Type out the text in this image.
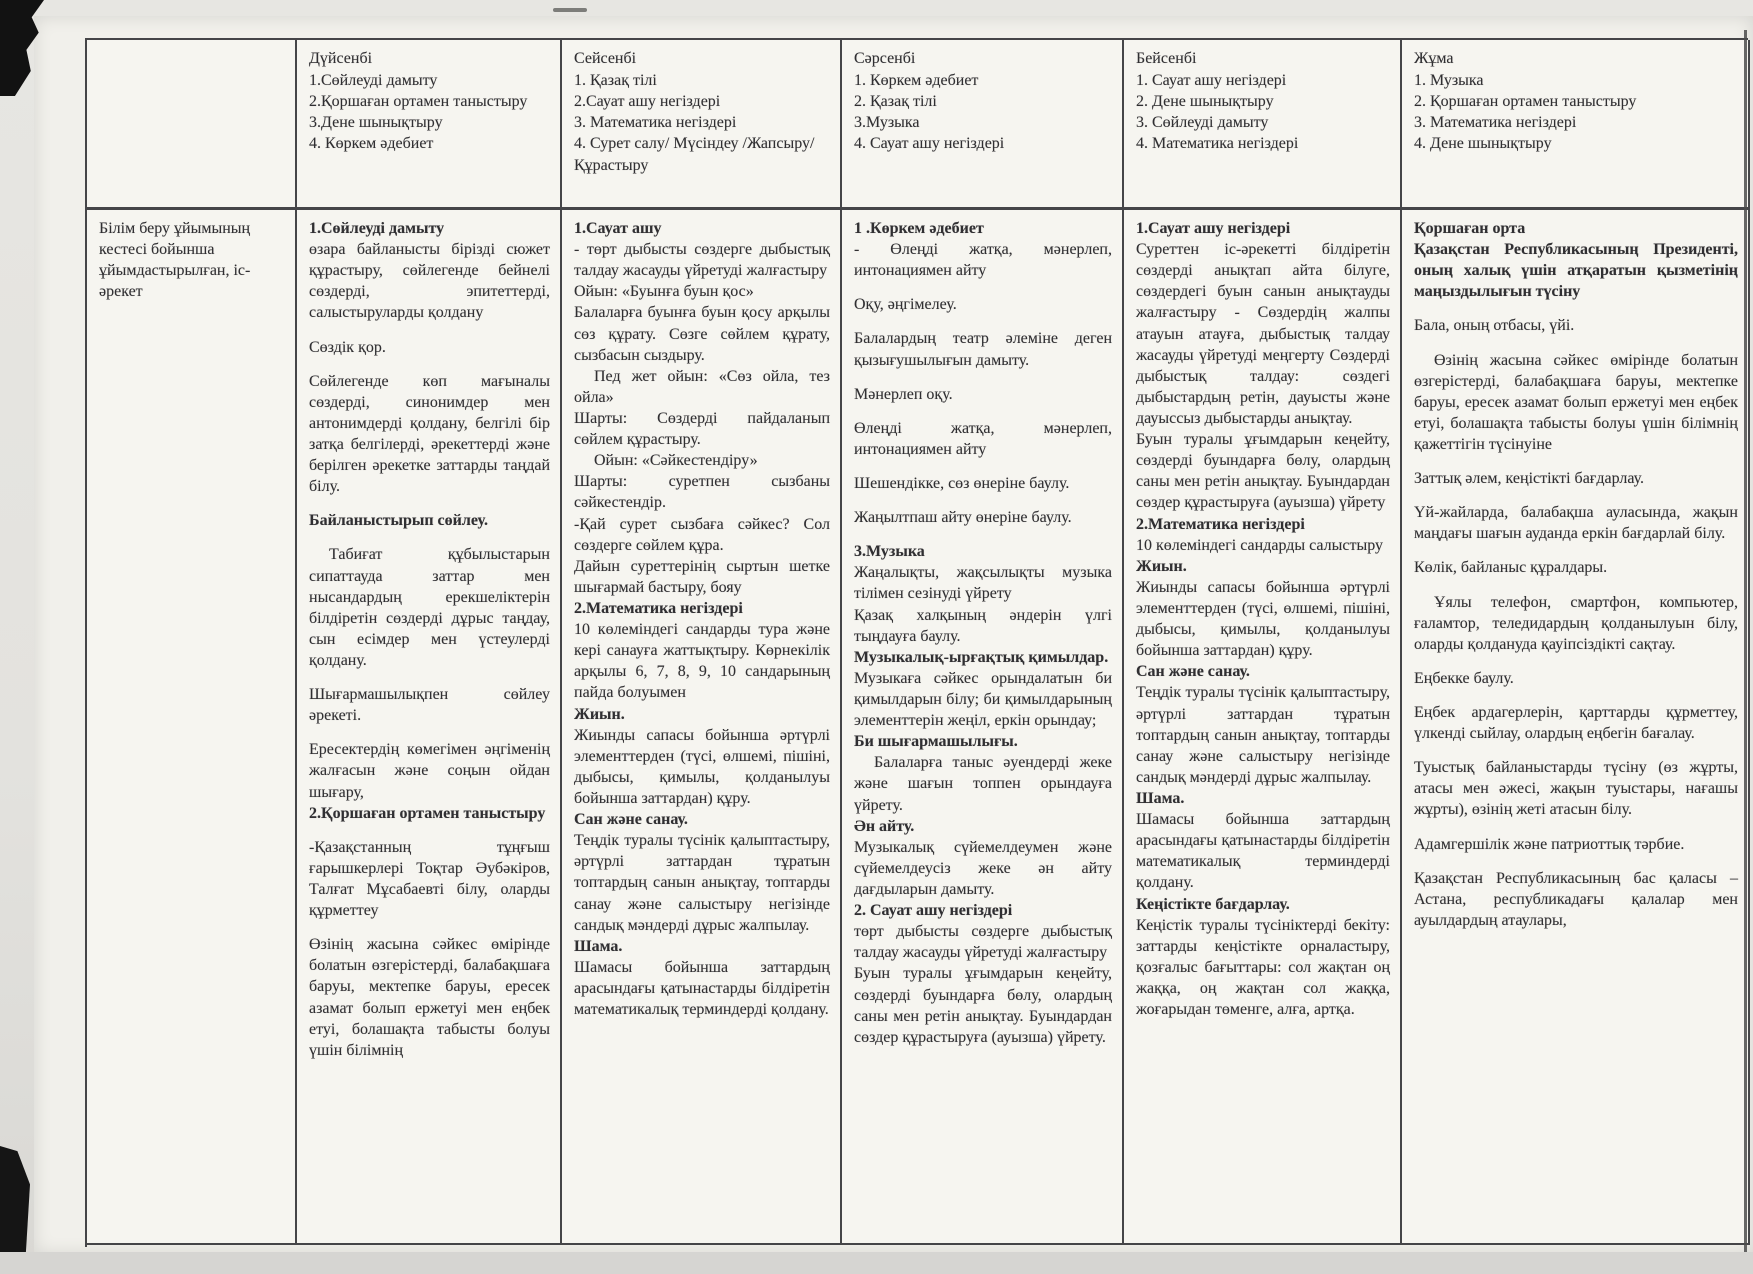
Дүйсенбі
1.Сөйлеуді дамыту
2.Қоршаған ортамен таныстыру
3.Дене шынықтыру
4. Көркем әдебиет
Сейсенбі
1. Қазақ тілі
2.Сауат ашу негіздері
3. Математика негіздері
4. Сурет салу/ Мүсіндеу /Жапсыру/Құрастыру
Сәрсенбі
1. Көркем әдебиет
2. Қазақ тілі
3.Музыка
4. Сауат ашу негіздері
Бейсенбі
1. Сауат ашу негіздері
2. Дене шынықтыру
3. Сөйлеуді дамыту
4. Математика негіздері
Жұма
1. Музыка
2. Қоршаған ортамен таныстыру
3. Математика негіздері
4. Дене шынықтыру
Білім беру ұйымының кестесі бойынша ұйымдастырылған, іс-әрекет
1.Сөйлеуді дамыту
өзара байланысты бірізді сюжет құрастыру, сөйлегенде бейнелі сөздерді, эпитеттерді, салыстыруларды қолдану
Сөздік қор.
Сөйлегенде көп мағыналы сөздерді, синонимдер мен антонимдерді қолдану, белгілі бір затқа белгілерді, әрекеттерді және берілген әрекетке заттарды таңдай білу.
Байланыстырып сөйлеу.
Табиғат құбылыстарын сипаттауда заттар мен нысандардың ерекшеліктерін білдіретін сөздерді дұрыс таңдау, сын есімдер мен үстеулерді қолдану.
Шығармашылықпен сөйлеу әрекеті.
Ересектердің көмегімен әңгіменің жалғасын және соңын ойдан шығару,
2.Қоршаған ортамен таныстыру
-Қазақстанның тұңғыш ғарышкерлері Тоқтар Әубәкіров, Талғат Мұсабаевті білу, оларды құрметтеу
Өзінің жасына сәйкес өмірінде болатын өзгерістерді, балабақшаға баруы, мектепке баруы, ересек азамат болып ержетуі мен еңбек етуі, болашақта табысты болуы үшін білімнің
1.Сауат ашу
- төрт дыбысты сөздерге дыбыстық талдау жасауды үйретуді жалғастыру
Ойын: «Буынға буын қос»
Балаларға буынға буын қосу арқылы сөз құрату. Сөзге сөйлем құрату, сызбасын сыздыру.
Пед жет ойын: «Сөз ойла, тез ойла»
Шарты: Сөздерді пайдаланып сөйлем құрастыру.
Ойын: «Сәйкестендіру»
Шарты: суретпен сызбаны сәйкестендір.
-Қай сурет сызбаға сәйкес? Сол сөздерге сөйлем құра.
Дайын суреттерінің сыртын шетке шығармай бастыру, бояу
2.Математика негіздері
10 көлеміндегі сандарды тура және кері санауға жаттықтыру. Көрнекілік арқылы 6, 7, 8, 9, 10 сандарының пайда болуымен
Жиын.
Жиынды сапасы бойынша әртүрлі элементтерден (түсі, өлшемі, пішіні, дыбысы, қимылы, қолданылуы бойынша заттардан) құру.
Сан және санау.
Теңдік туралы түсінік қалыптастыру, әртүрлі заттардан тұратын топтардың санын анықтау, топтарды санау және салыстыру негізінде сандық мәндерді дұрыс жалпылау.
Шама.
Шамасы бойынша заттардың арасындағы қатынастарды білдіретін математикалық терминдерді қолдану.
1 .Көркем әдебиет
- Өлеңді жатқа, мәнерлеп, интонациямен айту
Оқу, әңгімелеу.
Балалардың театр әлеміне деген қызығушылығын дамыту.
Мәнерлеп оқу.
Өлеңді жатқа, мәнерлеп, интонациямен айту
Шешендікке, сөз өнеріне баулу.
Жаңылтпаш айту өнеріне баулу.
3.Музыка
Жаңалықты, жақсылықты музыка тілімен сезінуді үйрету
Қазақ халқының әндерін үлгі тыңдауға баулу.
Музыкалық-ырғақтық қимылдар.
Музыкаға сәйкес орындалатын би қимылдарын білу; би қимылдарының элементтерін жеңіл, еркін орындау;
Би шығармашылығы.
Балаларға таныс әуендерді жеке және шағын топпен орындауға үйрету.
Ән айту.
Музыкалық сүйемелдеумен және сүйемелдеусіз жеке ән айту дағдыларын дамыту.
2. Сауат ашу негіздері
төрт дыбысты сөздерге дыбыстық талдау жасауды үйретуді жалғастыру
Буын туралы ұғымдарын кеңейту, сөздерді буындарға бөлу, олардың саны мен ретін анықтау. Буындардан сөздер құрастыруға (ауызша) үйрету.
1.Сауат ашу негіздері
Суреттен іс-әрекетті білдіретін сөздерді анықтап айта білуге, сөздердегі буын санын анықтауды жалғастыру - Сөздердің жалпы атауын атауға, дыбыстық талдау жасауды үйретуді меңгерту Сөздерді дыбыстық талдау: сөздегі дыбыстардың ретін, дауысты және дауыссыз дыбыстарды анықтау.
Буын туралы ұғымдарын кеңейту, сөздерді буындарға бөлу, олардың саны мен ретін анықтау. Буындардан сөздер құрастыруға (ауызша) үйрету
2.Математика негіздері
10 көлеміндегі сандарды салыстыру
Жиын.
Жиынды сапасы бойынша әртүрлі элементтерден (түсі, өлшемі, пішіні, дыбысы, қимылы, қолданылуы бойынша заттардан) құру.
Сан және санау.
Теңдік туралы түсінік қалыптастыру, әртүрлі заттардан тұратын топтардың санын анықтау, топтарды санау және салыстыру негізінде сандық мәндерді дұрыс жалпылау.
Шама.
Шамасы бойынша заттардың арасындағы қатынастарды білдіретін математикалық терминдерді қолдану.
Кеңістікте бағдарлау.
Кеңістік туралы түсініктерді бекіту: заттарды кеңістікте орналастыру, қозғалыс бағыттары: сол жақтан оң жаққа, оң жақтан сол жаққа, жоғарыдан төменге, алға, артқа.
Қоршаған орта
Қазақстан Республикасының Президенті, оның халық үшін атқаратын қызметінің маңыздылығын түсіну
Бала, оның отбасы, үйі.
Өзінің жасына сәйкес өмірінде болатын өзгерістерді, балабақшаға баруы, мектепке баруы, ересек азамат болып ержетуі мен еңбек етуі, болашақта табысты болуы үшін білімнің қажеттігін түсінуіне
Заттық әлем, кеңістікті бағдарлау.
Үй-жайларда, балабақша ауласында, жақын маңдағы шағын ауданда еркін бағдарлай білу.
Көлік, байланыс құралдары.
Ұялы телефон, смартфон, компьютер, ғаламтор, теледидардың қолданылуын білу, оларды қолдануда қауіпсіздікті сақтау.
Еңбекке баулу.
Еңбек ардагерлерін, қарттарды құрметтеу, үлкенді сыйлау, олардың еңбегін бағалау.
Туыстық байланыстарды түсіну (өз жұрты, атасы мен әжесі, жақын туыстары, нағашы жұрты), өзінің жеті атасын білу.
Адамгершілік және патриоттық тәрбие.
Қазақстан Республикасының бас қаласы – Астана, республикадағы қалалар мен ауылдардың атаулары,
